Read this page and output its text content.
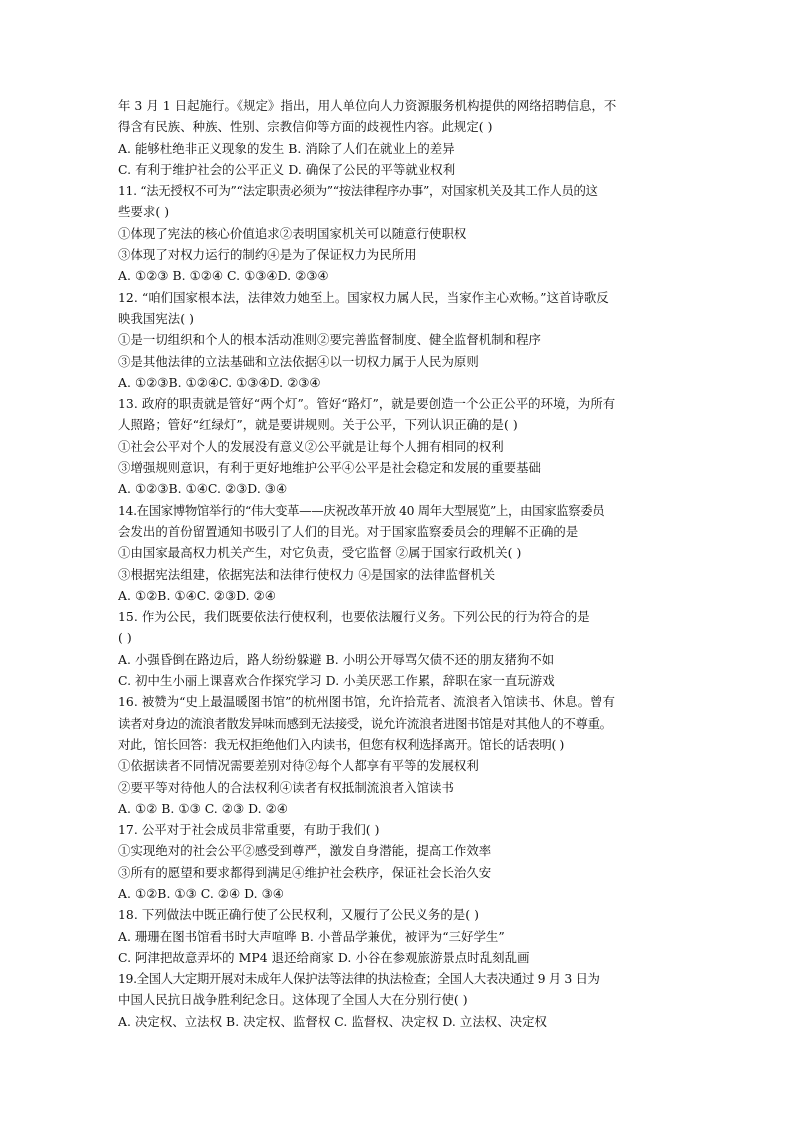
年 3 月 1 日起施行。《规定》指出，用人单位向人力资源服务机构提供的网络招聘信息，不
得含有民族、种族、性别、宗教信仰等方面的歧视性内容。此规定( )
A. 能够杜绝非正义现象的发生 B. 消除了人们在就业上的差异
C. 有利于维护社会的公平正义 D. 确保了公民的平等就业权利
11. “法无授权不可为”“法定职责必须为”“按法律程序办事”，对国家机关及其工作人员的这
些要求( )
①体现了宪法的核心价值追求②表明国家机关可以随意行使职权
③体现了对权力运行的制约④是为了保证权力为民所用
A. ①②③ B. ①②④ C. ①③④D. ②③④
12. “咱们国家根本法，法律效力她至上。国家权力属人民，当家作主心欢畅。”这首诗歌反
映我国宪法( )
①是一切组织和个人的根本活动准则②要完善监督制度、健全监督机制和程序
③是其他法律的立法基础和立法依据④以一切权力属于人民为原则
A. ①②③B. ①②④C. ①③④D. ②③④
13. 政府的职责就是管好“两个灯”。管好“路灯”，就是要创造一个公正公平的环境，为所有
人照路；管好“红绿灯”，就是要讲规则。关于公平，下列认识正确的是( )
①社会公平对个人的发展没有意义②公平就是让每个人拥有相同的权利
③增强规则意识，有利于更好地维护公平④公平是社会稳定和发展的重要基础
A. ①②③B. ①④C. ②③D. ③④
14.在国家博物馆举行的“伟大变革——庆祝改革开放 40 周年大型展览”上，由国家监察委员
会发出的首份留置通知书吸引了人们的目光。对于国家监察委员会的理解不正确的是
①由国家最高权力机关产生，对它负责，受它监督 ②属于国家行政机关( )
③根据宪法组建，依据宪法和法律行使权力 ④是国家的法律监督机关
A. ①②B. ①④C. ②③D. ②④
15. 作为公民，我们既要依法行使权利，也要依法履行义务。下列公民的行为符合的是
( )
A. 小强昏倒在路边后，路人纷纷躲避 B. 小明公开辱骂欠债不还的朋友猪狗不如
C. 初中生小丽上课喜欢合作探究学习 D. 小美厌恶工作累，辞职在家一直玩游戏
16. 被赞为“史上最温暖图书馆”的杭州图书馆，允许拾荒者、流浪者入馆读书、休息。曾有
读者对身边的流浪者散发异味而感到无法接受，说允许流浪者进图书馆是对其他人的不尊重。
对此，馆长回答：我无权拒绝他们入内读书，但您有权利选择离开。馆长的话表明( )
①依据读者不同情况需要差别对待②每个人都享有平等的发展权利
②要平等对待他人的合法权利④读者有权抵制流浪者入馆读书
A. ①② B. ①③ C. ②③ D. ②④
17. 公平对于社会成员非常重要，有助于我们( )
①实现绝对的社会公平②感受到尊严，激发自身潜能，提高工作效率
③所有的愿望和要求都得到满足④维护社会秩序，保证社会长治久安
A. ①②B. ①③ C. ②④ D. ③④
18. 下列做法中既正确行使了公民权利，又履行了公民义务的是( )
A. 珊珊在图书馆看书时大声喧哗 B. 小普品学兼优，被评为“三好学生”
C. 阿津把故意弄坏的 MP4 退还给商家 D. 小谷在参观旅游景点时乱刻乱画
19.全国人大定期开展对未成年人保护法等法律的执法检查；全国人大表决通过 9 月 3 日为
中国人民抗日战争胜利纪念日。这体现了全国人大在分别行使( )
A. 决定权、立法权 B. 决定权、监督权 C. 监督权、决定权 D. 立法权、决定权
